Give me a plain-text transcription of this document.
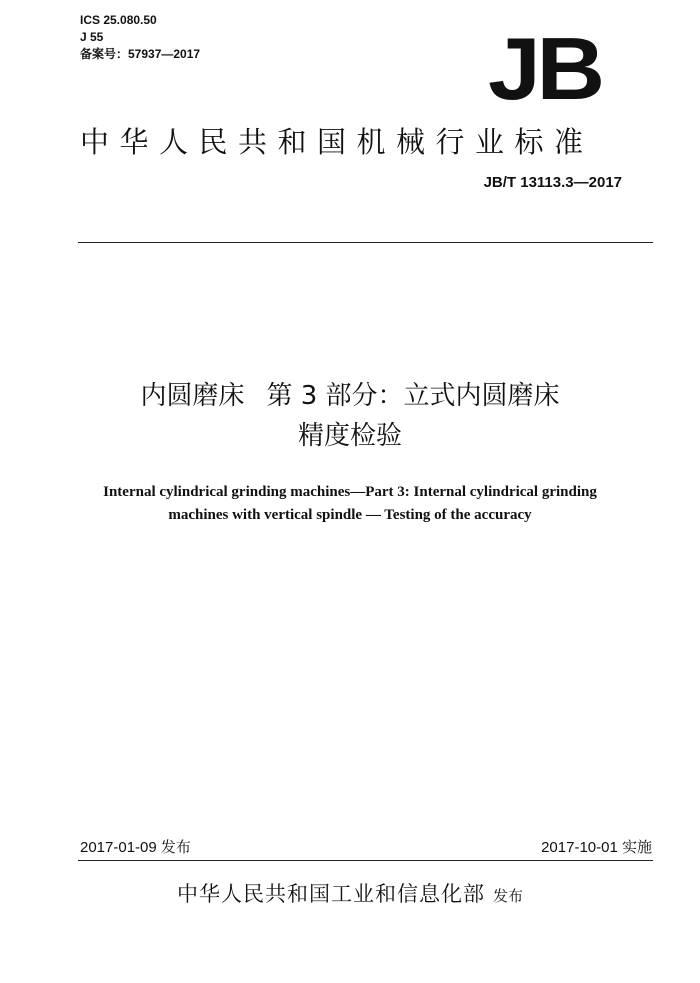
ICS 25.080.50
J 55
备案号：57937—2017	JB
中华人民共和国机械行业标准
JB/T 13113.3—2017
内圆磨床 第 3 部分：立式内圆磨床
精度检验
Internal cylindrical grinding machines—Part 3: Internal cylindrical grinding
machines with vertical spindle — Testing of the accuracy
2017-01-09 发布	2017-10-01 实施
中华人民共和国工业和信息化部 发布
